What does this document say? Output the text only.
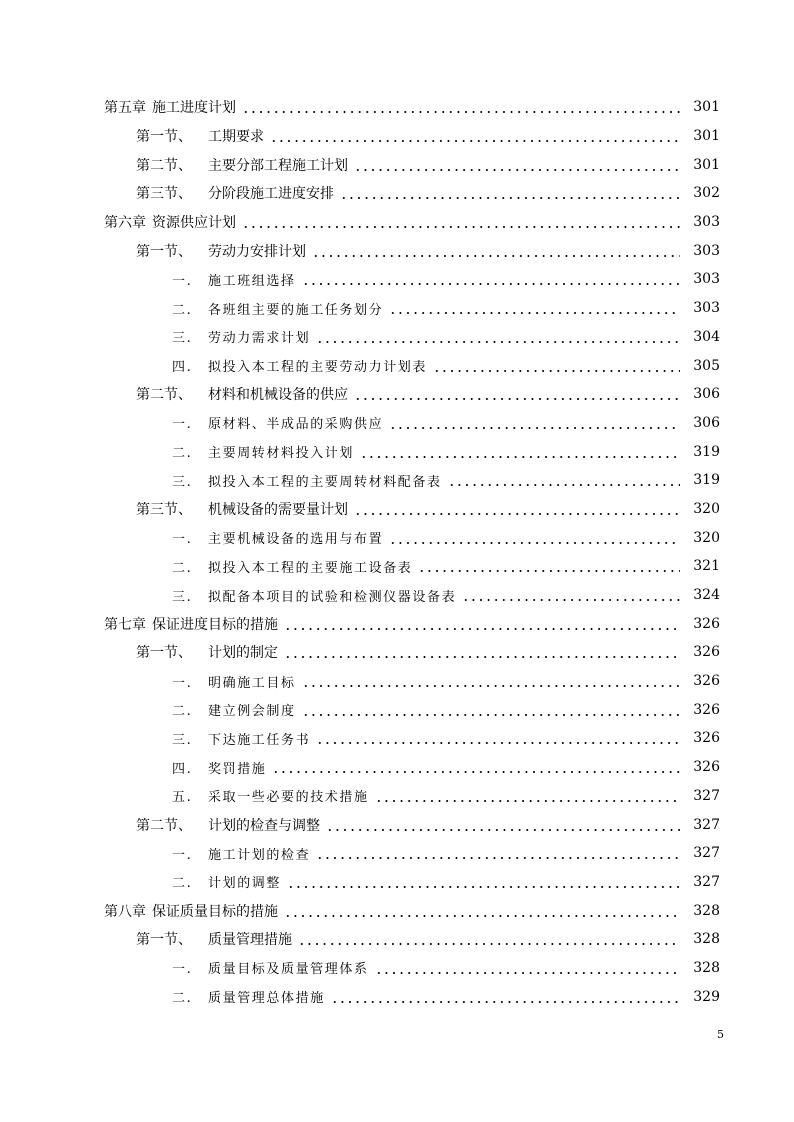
第五章 施工进度计划	301
第一节、	工期要求	301
第二节、	主要分部工程施工计划	301
第三节、	分阶段施工进度安排	302
第六章 资源供应计划	303
第一节、	劳动力安排计划	303
一.	施工班组选择	303
二.	各班组主要的施工任务划分	303
三.	劳动力需求计划	304
四.	拟投入本工程的主要劳动力计划表	305
第二节、	材料和机械设备的供应	306
一.	原材料、半成品的采购供应	306
二.	主要周转材料投入计划	319
三.	拟投入本工程的主要周转材料配备表	319
第三节、	机械设备的需要量计划	320
一.	主要机械设备的选用与布置	320
二.	拟投入本工程的主要施工设备表	321
三.	拟配备本项目的试验和检测仪器设备表	324
第七章 保证进度目标的措施	326
第一节、	计划的制定	326
一.	明确施工目标	326
二.	建立例会制度	326
三.	下达施工任务书	326
四.	奖罚措施	326
五.	采取一些必要的技术措施	327
第二节、	计划的检查与调整	327
一.	施工计划的检查	327
二.	计划的调整	327
第八章 保证质量目标的措施	328
第一节、	质量管理措施	328
一.	质量目标及质量管理体系	328
二.	质量管理总体措施	329
5
